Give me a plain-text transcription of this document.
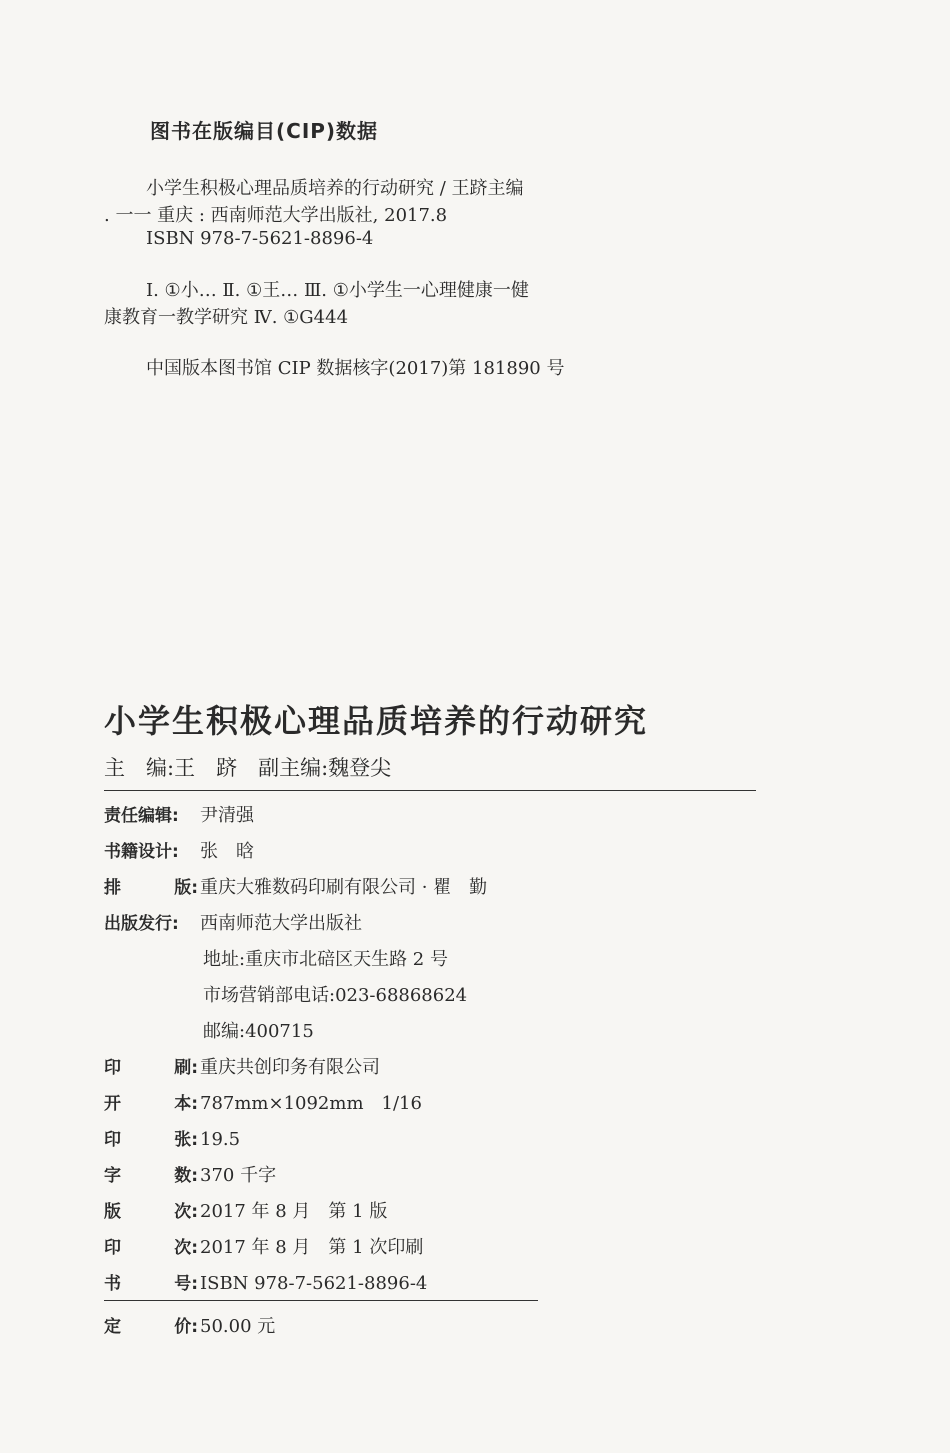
图书在版编目(CIP)数据
小学生积极心理品质培养的行动研究 / 王跻主编
. 一一 重庆 : 西南师范大学出版社, 2017.8
ISBN 978-7-5621-8896-4
Ⅰ. ①小… Ⅱ. ①王… Ⅲ. ①小学生一心理健康一健
康教育一教学研究 Ⅳ. ①G444
中国版本图书馆 CIP 数据核字(2017)第 181890 号
小学生积极心理品质培养的行动研究
主　编:王　跻　副主编:魏登尖
责任编辑: 尹清强
书籍设计: 张　晗
排	版: 重庆大雅数码印刷有限公司 · 瞿　勤
出版发行: 西南师范大学出版社
地址:重庆市北碚区天生路 2 号
市场营销部电话:023-68868624
邮编:400715
印	刷: 重庆共创印务有限公司
开	本: 787mm×1092mm　1/16
印	张: 19.5
字	数: 370 千字
版	次: 2017 年 8 月　第 1 版
印	次: 2017 年 8 月　第 1 次印刷
书	号: ISBN 978-7-5621-8896-4
定	价: 50.00 元
